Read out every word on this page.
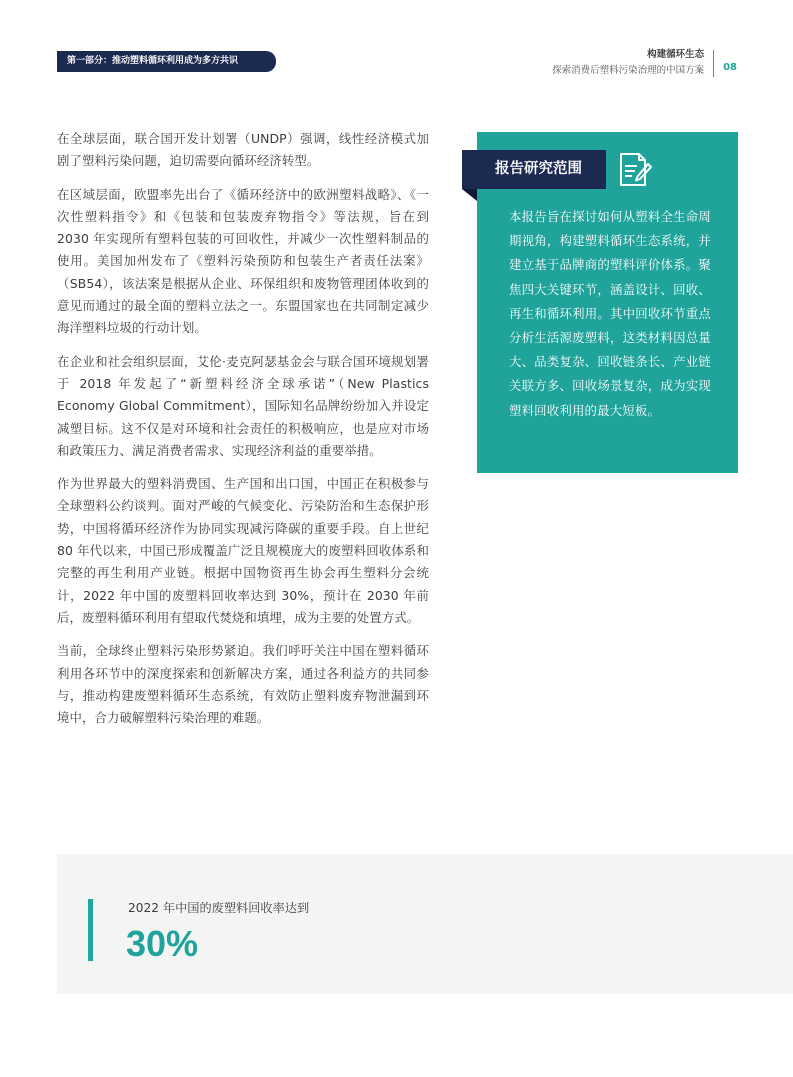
第一部分：推动塑料循环利用成为多方共识
构建循环生态
探索消费后塑料污染治理的中国方案 08

在全球层面，联合国开发计划署（UNDP）强调，线性经济模式加剧了塑料污染问题，迫切需要向循环经济转型。

在区域层面，欧盟率先出台了《循环经济中的欧洲塑料战略》、《一次性塑料指令》和《包装和包装废弃物指令》等法规，旨在到 2030 年实现所有塑料包装的可回收性，并减少一次性塑料制品的使用。美国加州发布了《塑料污染预防和包装生产者责任法案》（SB54），该法案是根据从企业、环保组织和废物管理团体收到的意见而通过的最全面的塑料立法之一。东盟国家也在共同制定减少海洋塑料垃圾的行动计划。

在企业和社会组织层面，艾伦·麦克阿瑟基金会与联合国环境规划署于 2018 年发起了“新塑料经济全球承诺”（New Plastics Economy Global Commitment），国际知名品牌纷纷加入并设定减塑目标。这不仅是对环境和社会责任的积极响应，也是应对市场和政策压力、满足消费者需求、实现经济利益的重要举措。

作为世界最大的塑料消费国、生产国和出口国，中国正在积极参与全球塑料公约谈判。面对严峻的气候变化、污染防治和生态保护形势，中国将循环经济作为协同实现减污降碳的重要手段。自上世纪 80 年代以来，中国已形成覆盖广泛且规模庞大的废塑料回收体系和完整的再生利用产业链。根据中国物资再生协会再生塑料分会统计，2022 年中国的废塑料回收率达到 30%，预计在 2030 年前后，废塑料循环利用有望取代焚烧和填埋，成为主要的处置方式。

当前，全球终止塑料污染形势紧迫。我们呼吁关注中国在塑料循环利用各环节中的深度探索和创新解决方案，通过各利益方的共同参与，推动构建废塑料循环生态系统，有效防止塑料废弃物泄漏到环境中，合力破解塑料污染治理的难题。

报告研究范围
本报告旨在探讨如何从塑料全生命周期视角，构建塑料循环生态系统，并建立基于品牌商的塑料评价体系。聚焦四大关键环节，涵盖设计、回收、再生和循环利用。其中回收环节重点分析生活源废塑料，这类材料因总量大、品类复杂、回收链条长、产业链关联方多、回收场景复杂，成为实现塑料回收利用的最大短板。
2022 年中国的废塑料回收率达到
30%
